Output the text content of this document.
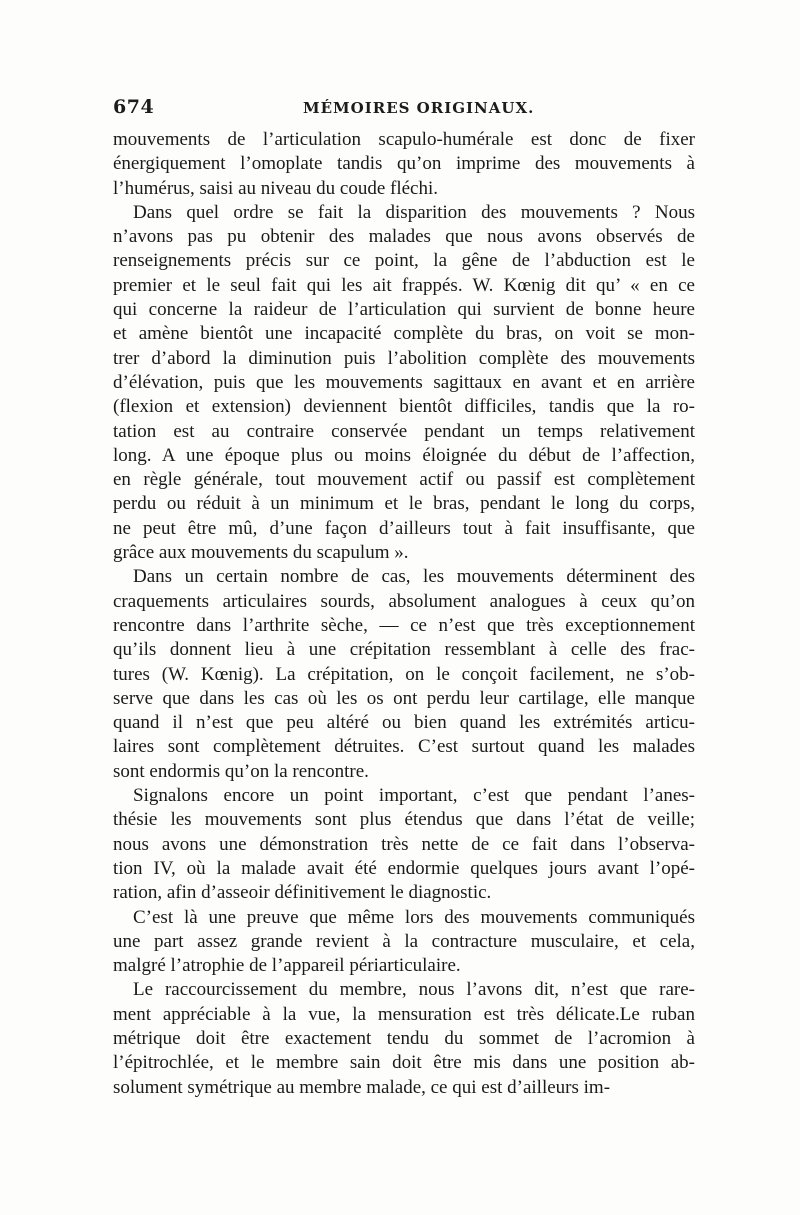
674	MÉMOIRES ORIGINAUX.
mouvements de l’articulation scapulo-humérale est donc de fixer
énergiquement l’omoplate tandis qu’on imprime des mouvements à
l’humérus, saisi au niveau du coude fléchi.
Dans quel ordre se fait la disparition des mouvements ? Nous
n’avons pas pu obtenir des malades que nous avons observés de
renseignements précis sur ce point, la gêne de l’abduction est le
premier et le seul fait qui les ait frappés. W. Kœnig dit qu’ « en ce
qui concerne la raideur de l’articulation qui survient de bonne heure
et amène bientôt une incapacité complète du bras, on voit se mon-
trer d’abord la diminution puis l’abolition complète des mouvements
d’élévation, puis que les mouvements sagittaux en avant et en arrière
(flexion et extension) deviennent bientôt difficiles, tandis que la ro-
tation est au contraire conservée pendant un temps relativement
long. A une époque plus ou moins éloignée du début de l’affection,
en règle générale, tout mouvement actif ou passif est complètement
perdu ou réduit à un minimum et le bras, pendant le long du corps,
ne peut être mû, d’une façon d’ailleurs tout à fait insuffisante, que
grâce aux mouvements du scapulum ».
Dans un certain nombre de cas, les mouvements déterminent des
craquements articulaires sourds, absolument analogues à ceux qu’on
rencontre dans l’arthrite sèche, — ce n’est que très exceptionnement
qu’ils donnent lieu à une crépitation ressemblant à celle des frac-
tures (W. Kœnig). La crépitation, on le conçoit facilement, ne s’ob-
serve que dans les cas où les os ont perdu leur cartilage, elle manque
quand il n’est que peu altéré ou bien quand les extrémités articu-
laires sont complètement détruites. C’est surtout quand les malades
sont endormis qu’on la rencontre.
Signalons encore un point important, c’est que pendant l’anes-
thésie les mouvements sont plus étendus que dans l’état de veille;
nous avons une démonstration très nette de ce fait dans l’observa-
tion IV, où la malade avait été endormie quelques jours avant l’opé-
ration, afin d’asseoir définitivement le diagnostic.
C’est là une preuve que même lors des mouvements communiqués
une part assez grande revient à la contracture musculaire, et cela,
malgré l’atrophie de l’appareil périarticulaire.
Le raccourcissement du membre, nous l’avons dit, n’est que rare-
ment appréciable à la vue, la mensuration est très délicate.Le ruban
métrique doit être exactement tendu du sommet de l’acromion à
l’épitrochlée, et le membre sain doit être mis dans une position ab-
solument symétrique au membre malade, ce qui est d’ailleurs im-
